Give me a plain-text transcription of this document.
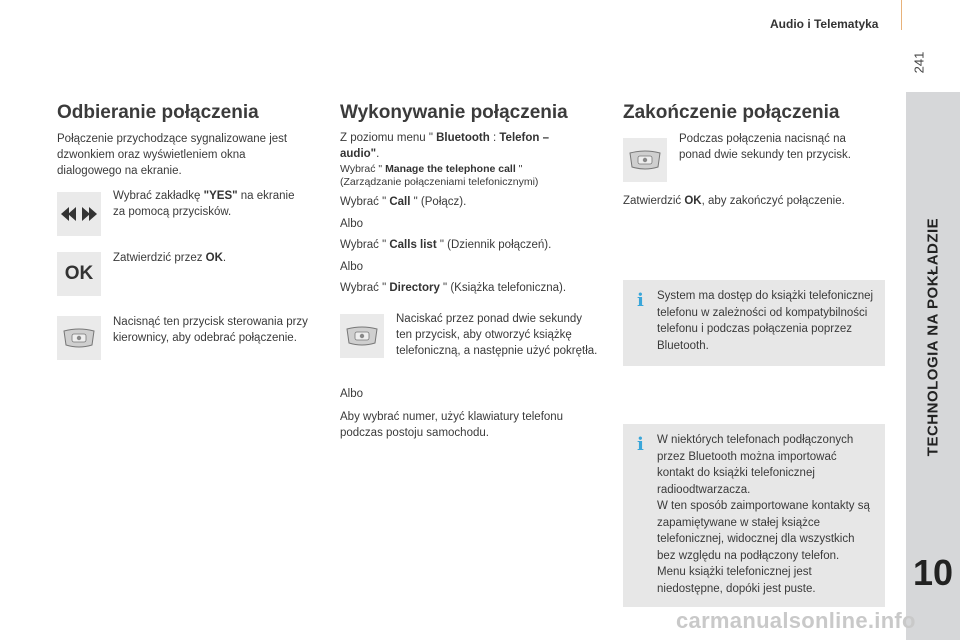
Audio i Telematyka
241
TECHNOLOGIA NA POKŁADZIE
10
Odbieranie połączenia

Połączenie przychodzące sygnalizowane jest dzwonkiem oraz wyświetleniem okna dialogowego na ekranie.

Wybrać zakładkę "YES" na ekranie za pomocą przycisków.

OK

Zatwierdzić przez OK.

Nacisnąć ten przycisk sterowania przy kierownicy, aby odebrać połączenie.

Wykonywanie połączenia

Z poziomu menu " Bluetooth : Telefon – audio".

Wybrać " Manage the telephone call "
(Zarządzanie połączeniami telefonicznymi)

Wybrać " Call " (Połącz).

Albo

Wybrać " Calls list " (Dziennik połączeń).

Albo

Wybrać " Directory " (Książka telefoniczna).

Naciskać przez ponad dwie sekundy ten przycisk, aby otworzyć książkę telefoniczną, a następnie użyć pokrętła.

Albo

Aby wybrać numer, użyć klawiatury telefonu podczas postoju samochodu.

Zakończenie połączenia

Podczas połączenia nacisnąć na ponad dwie sekundy ten przycisk.

Zatwierdzić OK, aby zakończyć połączenie.

i System ma dostęp do książki telefonicznej telefonu w zależności od kompatybilności telefonu i podczas połączenia poprzez Bluetooth.

i W niektórych telefonach podłączonych przez Bluetooth można importować kontakt do książki telefonicznej radioodtwarzacza.
W ten sposób zaimportowane kontakty są zapamiętywane w stałej książce telefonicznej, widocznej dla wszystkich bez względu na podłączony telefon.
Menu książki telefonicznej jest niedostępne, dopóki jest puste.

carmanualsonline.info
